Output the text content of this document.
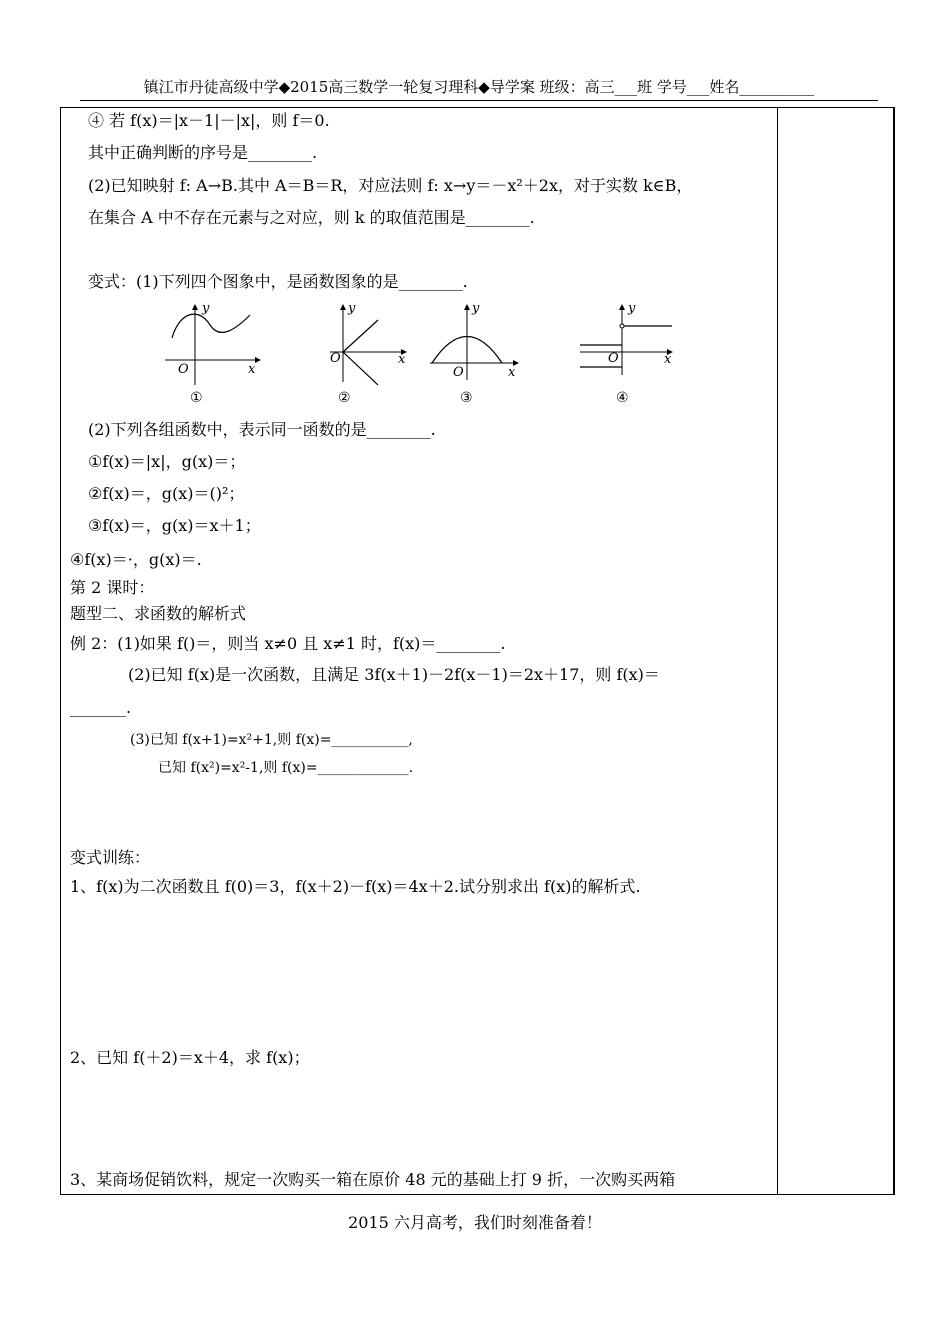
镇江市丹徒高级中学◆2015高三数学一轮复习理科◆导学案 班级：高三___班 学号___姓名__________
④ 若 f(x)＝|x－1|－|x|，则 f＝0.
其中正确判断的序号是________.
(2)已知映射 f: A→B.其中 A＝B＝R，对应法则 f: x→y＝－x²＋2x，对于实数 k∈B，
在集合 A 中不存在元素与之对应，则 k 的取值范围是________.
变式：(1)下列四个图象中，是函数图象的是________.
y
x
O
①
y
x
O
②
y
x
O
③
y
x
O
④
(2)下列各组函数中，表示同一函数的是________.
①f(x)＝|x|，g(x)＝；
②f(x)＝，g(x)＝()²；
③f(x)＝，g(x)＝x＋1；
④f(x)＝·，g(x)＝.
第 2 课时：
题型二、求函数的解析式
例 2：(1)如果 f()＝，则当 x≠0 且 x≠1 时，f(x)＝________.
(2)已知 f(x)是一次函数，且满足 3f(x＋1)－2f(x－1)＝2x＋17，则 f(x)＝
_______.
(3)已知 f(x+1)=x²+1,则 f(x)=___________,
已知 f(x²)=x²-1,则 f(x)=_____________.
变式训练：
1、f(x)为二次函数且 f(0)＝3，f(x＋2)－f(x)＝4x＋2.试分别求出 f(x)的解析式.
2、已知 f(＋2)＝x＋4，求 f(x)；
3、某商场促销饮料，规定一次购买一箱在原价 48 元的基础上打 9 折，一次购买两箱
2015 六月高考，我们时刻准备着！
